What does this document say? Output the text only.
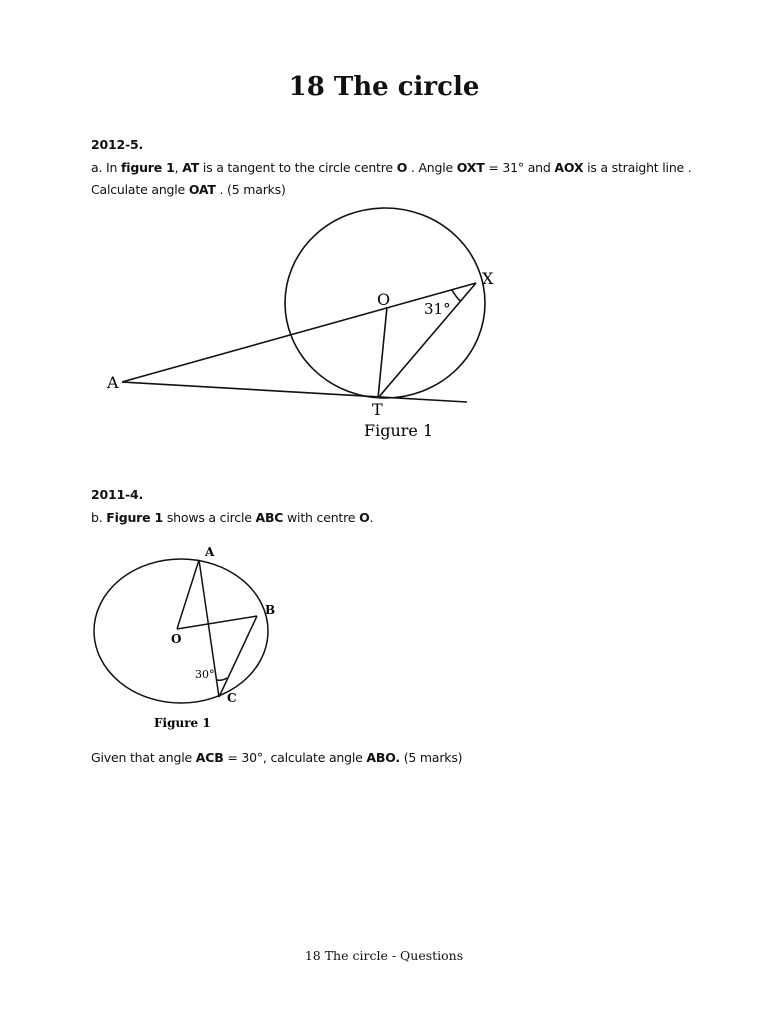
18 The circle
2012-5.
a. In figure 1, AT is a tangent to the circle centre O . Angle OXT = 31° and AOX is a straight line .
Calculate angle OAT . (5 marks)
A
O
X
T
31°
Figure 1
2011-4.
b. Figure 1 shows a circle ABC with centre O.
A
B
C
O
30°
Figure 1
Given that angle ACB = 30°, calculate angle ABO. (5 marks)
18 The circle - Questions
